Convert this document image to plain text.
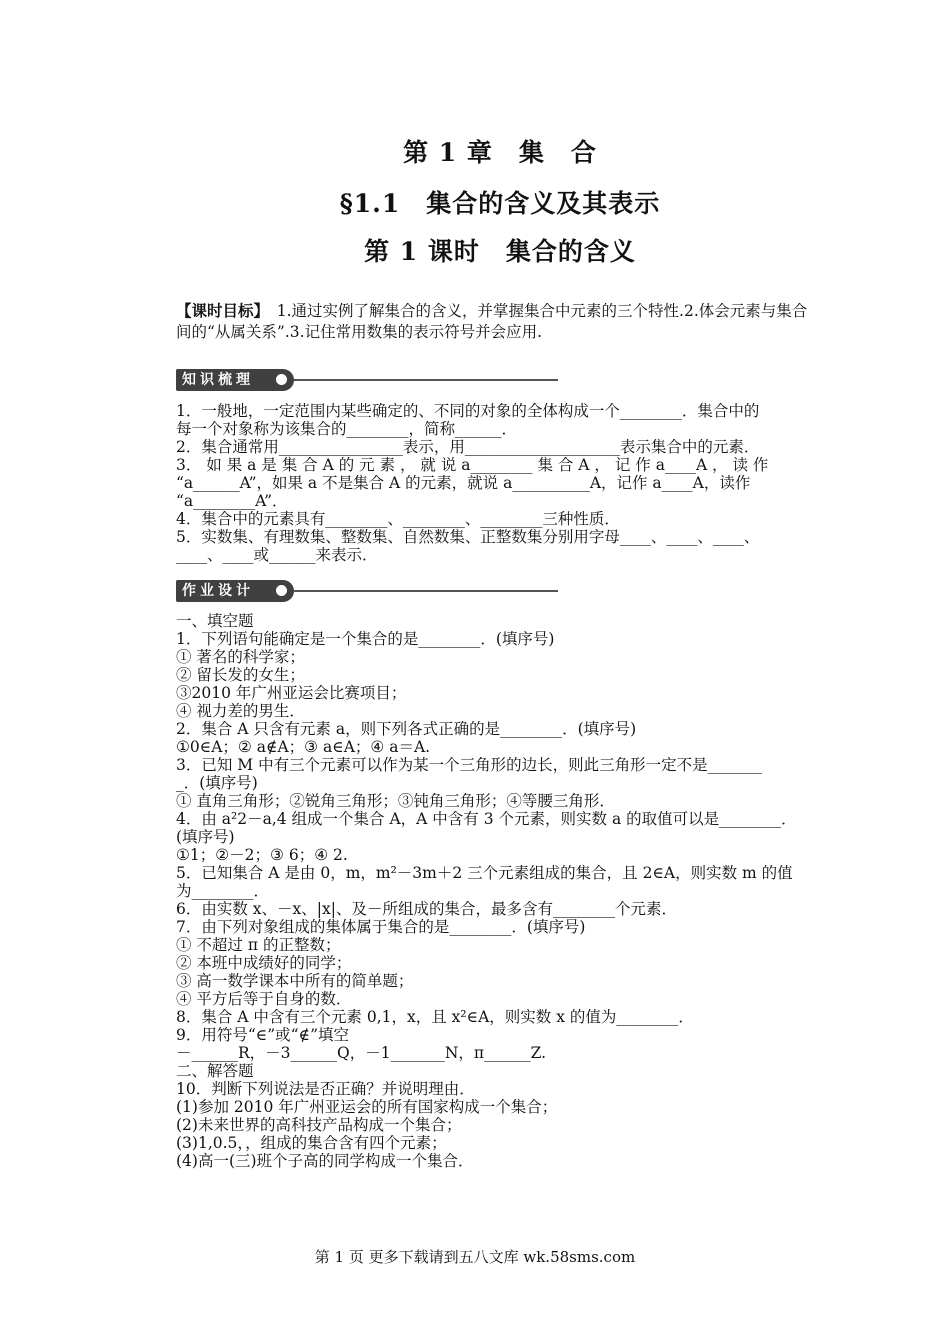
第 1 章　集　合
§1.1　集合的含义及其表示
第 1 课时　集合的含义
【课时目标】　1.通过实例了解集合的含义，并掌握集合中元素的三个特性.2.体会元素与集合间的“从属关系”.3.记住常用数集的表示符号并会应用.
知识梳理

1．一般地，一定范围内某些确定的、不同的对象的全体构成一个________．集合中的

每一个对象称为该集合的________，简称______．

2．集合通常用________________表示，用____________________表示集合中的元素．

3． 如 果 a 是 集 合 A 的 元 素 ， 就 说 a________ 集 合 A ， 记 作 a____A ， 读 作

“a______A”，如果 a 不是集合 A 的元素，就说 a__________A，记作 a____A，读作

“a________A”．

4．集合中的元素具有________、________、________三种性质．

5．实数集、有理数集、整数集、自然数集、正整数集分别用字母____、____、____、

____、____或______来表示．

作业设计

一、填空题

1．下列语句能确定是一个集合的是________．(填序号)

① 著名的科学家；

② 留长发的女生；

③2010 年广州亚运会比赛项目；

④ 视力差的男生．

2．集合 A 只含有元素 a，则下列各式正确的是________．(填序号)

①0∈A；② a∉A；③ a∈A；④ a＝A.

3．已知 M 中有三个元素可以作为某一个三角形的边长，则此三角形一定不是_______

_．(填序号)

① 直角三角形；②锐角三角形；③钝角三角形；④等腰三角形．

4．由 a²2－a,4 组成一个集合 A，A 中含有 3 个元素，则实数 a 的取值可以是________．

(填序号)

①1；②－2；③ 6；④ 2.

5．已知集合 A 是由 0，m，m²－3m＋2 三个元素组成的集合，且 2∈A，则实数 m 的值

为________．

6．由实数 x、－x、|x|、及－所组成的集合，最多含有________个元素．

7．由下列对象组成的集体属于集合的是________．(填序号)

① 不超过 π 的正整数；

② 本班中成绩好的同学；

③ 高一数学课本中所有的简单题；

④ 平方后等于自身的数．

8．集合 A 中含有三个元素 0,1，x，且 x²∈A，则实数 x 的值为________．

9．用符号“∈”或“∉”填空

－______R，－3______Q，－1_______N，π______Z.

二、解答题

10．判断下列说法是否正确？并说明理由．

(1)参加 2010 年广州亚运会的所有国家构成一个集合；

(2)未来世界的高科技产品构成一个集合；

(3)1,0.5，，组成的集合含有四个元素；

(4)高一(三)班个子高的同学构成一个集合．

第 1 页 更多下载请到五八文库 wk.58sms.com
